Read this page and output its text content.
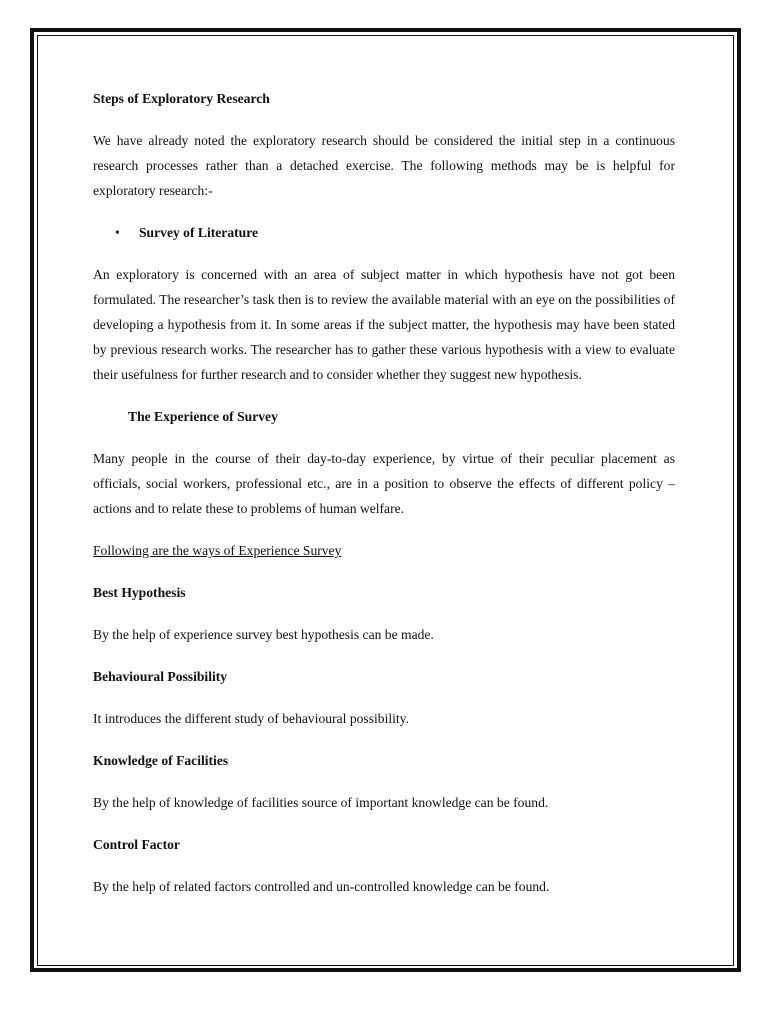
Steps of Exploratory Research

We have already noted the exploratory research should be considered the initial step in a continuous research processes rather than a detached exercise. The following methods may be is helpful for exploratory research:-

• Survey of Literature

An exploratory is concerned with an area of subject matter in which hypothesis have not got been formulated. The researcher’s task then is to review the available material with an eye on the possibilities of developing a hypothesis from it. In some areas if the subject matter, the hypothesis may have been stated by previous research works. The researcher has to gather these various hypothesis with a view to evaluate their usefulness for further research and to consider whether they suggest new hypothesis.

The Experience of Survey

Many people in the course of their day-to-day experience, by virtue of their peculiar placement as officials, social workers, professional etc., are in a position to observe the effects of different policy –actions and to relate these to problems of human welfare.

Following are the ways of Experience Survey
Best Hypothesis

By the help of experience survey best hypothesis can be made.

Behavioural Possibility

It introduces the different study of behavioural possibility.

Knowledge of Facilities

By the help of knowledge of facilities source of important knowledge can be found.

Control Factor

By the help of related factors controlled and un-controlled knowledge can be found.
